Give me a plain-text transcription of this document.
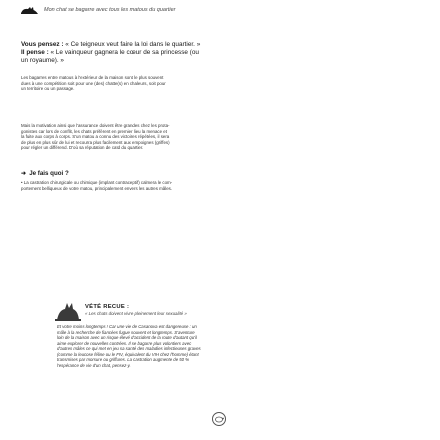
Mon chat se bagarre avec tous les matous du quartier

Vous pensez : « Ce teigneux veut faire la loi dans le quartier. »

Il pense : « Le vainqueur gagnera le cœur de sa princesse (ou

un royaume). »

Les bagarres entre matous à l'extérieur de la maison sont le plus souvent

dues à une compétition soit pour une (des) chatte(s) en chaleurs, soit pour

un territoire ou un passage.

Mais la motivation ainsi que l'assurance doivent être grandes chez les prota-

gonistes car lors de conflit, les chats préfèrent en premier lieu la menace et

la fuite aux corps à corps. S'un matou a connu des victoires répétées, il sera

de plus en plus sûr de lui et recourra plus facilement aux empoignes (griffes)

pour régler un différend. D'où sa réputation de caïd du quartier.

➜ Je fais quoi ?

• La castration chirurgicale ou chimique (implant contraceptif) calmera le com-

portement belliqueux de votre matou, principalement envers les autres mâles.

VÉTÉ RECUE :
« Les chats doivent vivre pleinement leur sexualité »

Et votre moins longtemps ! Car une vie de Casanova est dangereuse : un

mâle à la recherche de fiancées fugue souvent et longtemps. S'aventure

loin de la maison avec un risque élevé d'accident de la route d'autant qu'il

aime explorer de nouvelles contrées. Il se bagarre plus volontiers avec

d'autres mâles ce qui met en jeu sa santé des maladies infectieuses graves

(comme la leucose féline ou le FIV, équivalent du VIH chez l'homme) étant

transmises par morsure ou griffures. La castration augmente de 50 %

l'espérance de vie d'un chat, pensez-y.
